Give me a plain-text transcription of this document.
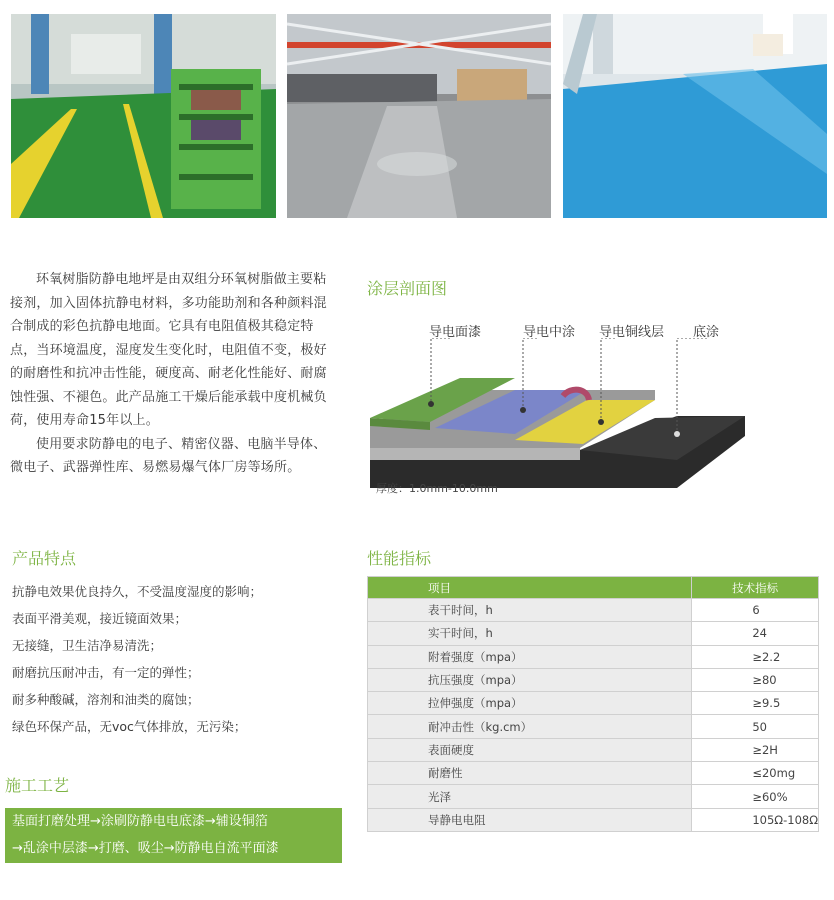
环氧树脂防静电地坪是由双组分环氧树脂做主要粘接剂，加入固体抗静电材料，多功能助剂和各种颜料混合制成的彩色抗静电地面。它具有电阻值极其稳定特点，当环境温度，湿度发生变化时，电阻值不变，极好的耐磨性和抗冲击性能，硬度高、耐老化性能好、耐腐蚀性强、不褪色。此产品施工干燥后能承载中度机械负荷，使用寿命15年以上。

使用要求防静电的电子、精密仪器、电脑半导体、微电子、武器弹性库、易燃易爆气体厂房等场所。

涂层剖面图
导电面漆	导电中涂 导电铜线层 底涂
厚度：1.0mm-10.0mm
产品特点
抗静电效果优良持久，不受温度湿度的影响；
表面平滑美观，接近镜面效果；
无接缝，卫生洁净易清洗；
耐磨抗压耐冲击，有一定的弹性；
耐多种酸碱，溶剂和油类的腐蚀；
绿色环保产品，无voc气体排放，无污染；
性能指标
项目	技术指标
表干时间，h	6
实干时间，h	24
附着强度（mpa）	≥2.2
抗压强度（mpa）	≥80
拉伸强度（mpa）	≥9.5
耐冲击性（kg.cm）	50
表面硬度	≥2H
耐磨性	≤20mg
光泽	≥60%
导静电电阻	105Ω-108Ω
施工工艺
基面打磨处理→涂刷防静电电底漆→辅设铜箔
→乱涂中层漆→打磨、吸尘→防静电自流平面漆
